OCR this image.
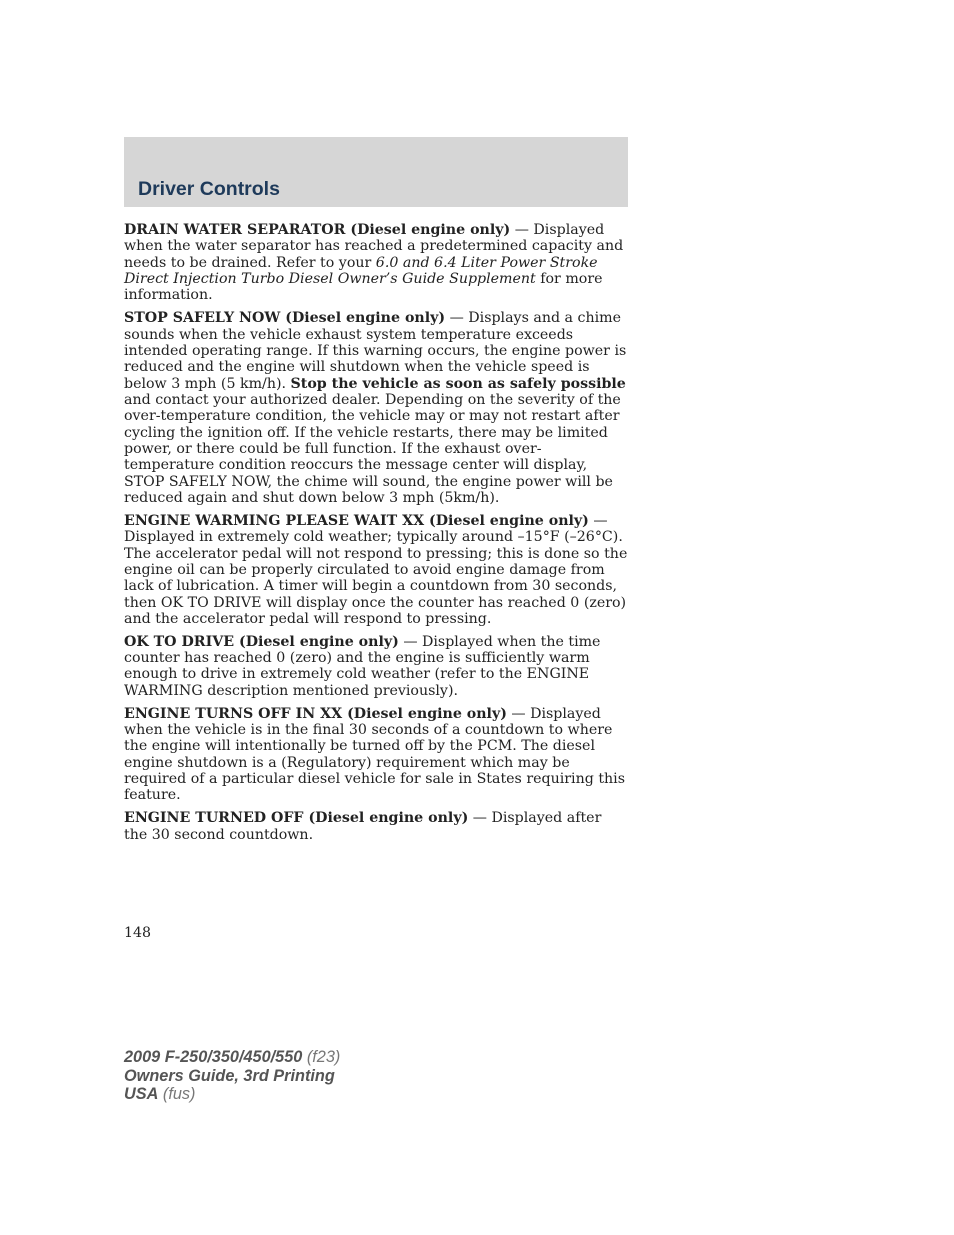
Driver Controls

DRAIN WATER SEPARATOR (Diesel engine only) — Displayed when the water separator has reached a predetermined capacity and needs to be drained. Refer to your 6.0 and 6.4 Liter Power Stroke Direct Injection Turbo Diesel Owner’s Guide Supplement for more information.

STOP SAFELY NOW (Diesel engine only) — Displays and a chime sounds when the vehicle exhaust system temperature exceeds intended operating range. If this warning occurs, the engine power is reduced and the engine will shutdown when the vehicle speed is below 3 mph (5 km/h). Stop the vehicle as soon as safely possible and contact your authorized dealer. Depending on the severity of the over-temperature condition, the vehicle may or may not restart after cycling the ignition off. If the vehicle restarts, there may be limited power, or there could be full function. If the exhaust over-temperature condition reoccurs the message center will display, STOP SAFELY NOW, the chime will sound, the engine power will be reduced again and shut down below 3 mph (5km/h).

ENGINE WARMING PLEASE WAIT XX (Diesel engine only) — Displayed in extremely cold weather; typically around –15°F (–26°C). The accelerator pedal will not respond to pressing; this is done so the engine oil can be properly circulated to avoid engine damage from lack of lubrication. A timer will begin a countdown from 30 seconds, then OK TO DRIVE will display once the counter has reached 0 (zero) and the accelerator pedal will respond to pressing.

OK TO DRIVE (Diesel engine only) — Displayed when the time counter has reached 0 (zero) and the engine is sufficiently warm enough to drive in extremely cold weather (refer to the ENGINE WARMING description mentioned previously).

ENGINE TURNS OFF IN XX (Diesel engine only) — Displayed when the vehicle is in the final 30 seconds of a countdown to where the engine will intentionally be turned off by the PCM. The diesel engine shutdown is a (Regulatory) requirement which may be required of a particular diesel vehicle for sale in States requiring this feature.

ENGINE TURNED OFF (Diesel engine only) — Displayed after the 30 second countdown.

148
2009 F-250/350/450/550 (f23)
Owners Guide, 3rd Printing
USA (fus)
